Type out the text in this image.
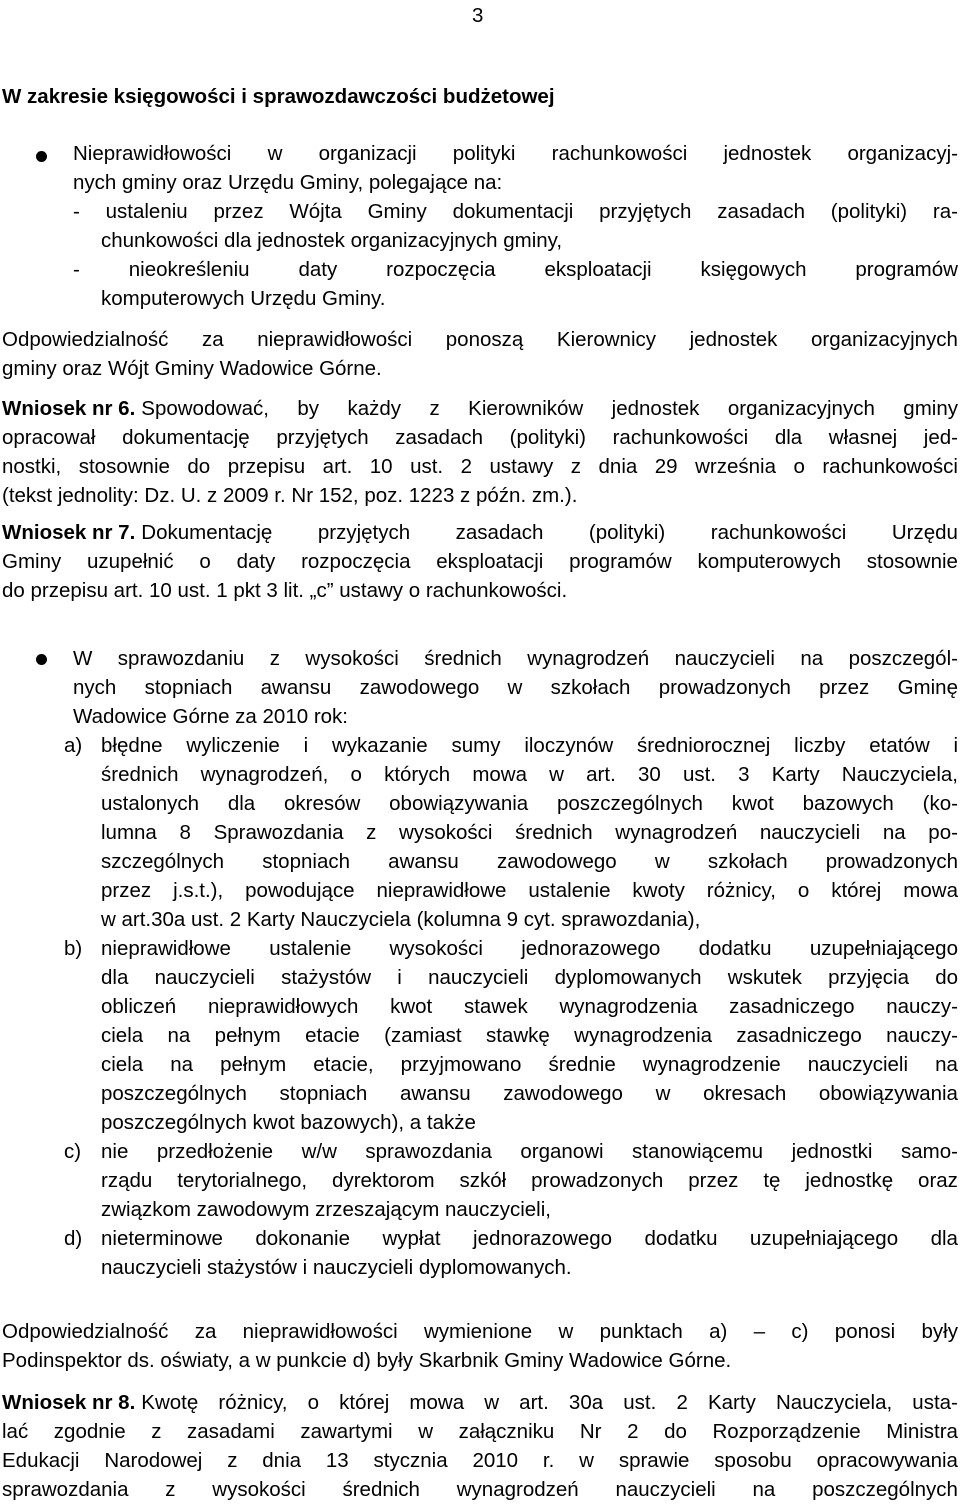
3
W zakresie księgowości i sprawozdawczości budżetowej
Nieprawidłowości w organizacji polityki rachunkowości jednostek organizacyj-
nych gminy oraz Urzędu Gminy, polegające na:
- ustaleniu przez Wójta Gminy dokumentacji przyjętych zasadach (polityki) ra-
chunkowości dla jednostek organizacyjnych gminy,
- nieokreśleniu daty rozpoczęcia eksploatacji księgowych programów
komputerowych Urzędu Gminy.
Odpowiedzialność za nieprawidłowości ponoszą Kierownicy jednostek organizacyjnych
gminy oraz Wójt Gminy Wadowice Górne.
Wniosek nr 6. Spowodować, by każdy z Kierowników jednostek organizacyjnych gminy
opracował dokumentację przyjętych zasadach (polityki) rachunkowości dla własnej jed-
nostki, stosownie do przepisu art. 10 ust. 2 ustawy z dnia 29 września o rachunkowości
(tekst jednolity: Dz. U. z 2009 r. Nr 152, poz. 1223 z późn. zm.).
Wniosek nr 7. Dokumentację przyjętych zasadach (polityki) rachunkowości Urzędu
Gminy uzupełnić o daty rozpoczęcia eksploatacji programów komputerowych stosownie
do przepisu art. 10 ust. 1 pkt 3 lit. „c” ustawy o rachunkowości.
W sprawozdaniu z wysokości średnich wynagrodzeń nauczycieli na poszczegól-
nych stopniach awansu zawodowego w szkołach prowadzonych przez Gminę
Wadowice Górne za 2010 rok:
a) błędne wyliczenie i wykazanie sumy iloczynów średniorocznej liczby etatów i
średnich wynagrodzeń, o których mowa w art. 30 ust. 3 Karty Nauczyciela,
ustalonych dla okresów obowiązywania poszczególnych kwot bazowych (ko-
lumna 8 Sprawozdania z wysokości średnich wynagrodzeń nauczycieli na po-
szczególnych stopniach awansu zawodowego w szkołach prowadzonych
przez j.s.t.), powodujące nieprawidłowe ustalenie kwoty różnicy, o której mowa
w art.30a ust. 2 Karty Nauczyciela (kolumna 9 cyt. sprawozdania),
b) nieprawidłowe ustalenie wysokości jednorazowego dodatku uzupełniającego
dla nauczycieli stażystów i nauczycieli dyplomowanych wskutek przyjęcia do
obliczeń nieprawidłowych kwot stawek wynagrodzenia zasadniczego nauczy-
ciela na pełnym etacie (zamiast stawkę wynagrodzenia zasadniczego nauczy-
ciela na pełnym etacie, przyjmowano średnie wynagrodzenie nauczycieli na
poszczególnych stopniach awansu zawodowego w okresach obowiązywania
poszczególnych kwot bazowych), a także
c) nie przedłożenie w/w sprawozdania organowi stanowiącemu jednostki samo-
rządu terytorialnego, dyrektorom szkół prowadzonych przez tę jednostkę oraz
związkom zawodowym zrzeszającym nauczycieli,
d) nieterminowe dokonanie wypłat jednorazowego dodatku uzupełniającego dla
nauczycieli stażystów i nauczycieli dyplomowanych.
Odpowiedzialność za nieprawidłowości wymienione w punktach a) – c) ponosi były
Podinspektor ds. oświaty, a w punkcie d) były Skarbnik Gminy Wadowice Górne.
Wniosek nr 8. Kwotę różnicy, o której mowa w art. 30a ust. 2 Karty Nauczyciela, usta-
lać zgodnie z zasadami zawartymi w załączniku Nr 2 do Rozporządzenie Ministra
Edukacji Narodowej z dnia 13 stycznia 2010 r. w sprawie sposobu opracowywania
sprawozdania z wysokości średnich wynagrodzeń nauczycieli na poszczególnych
